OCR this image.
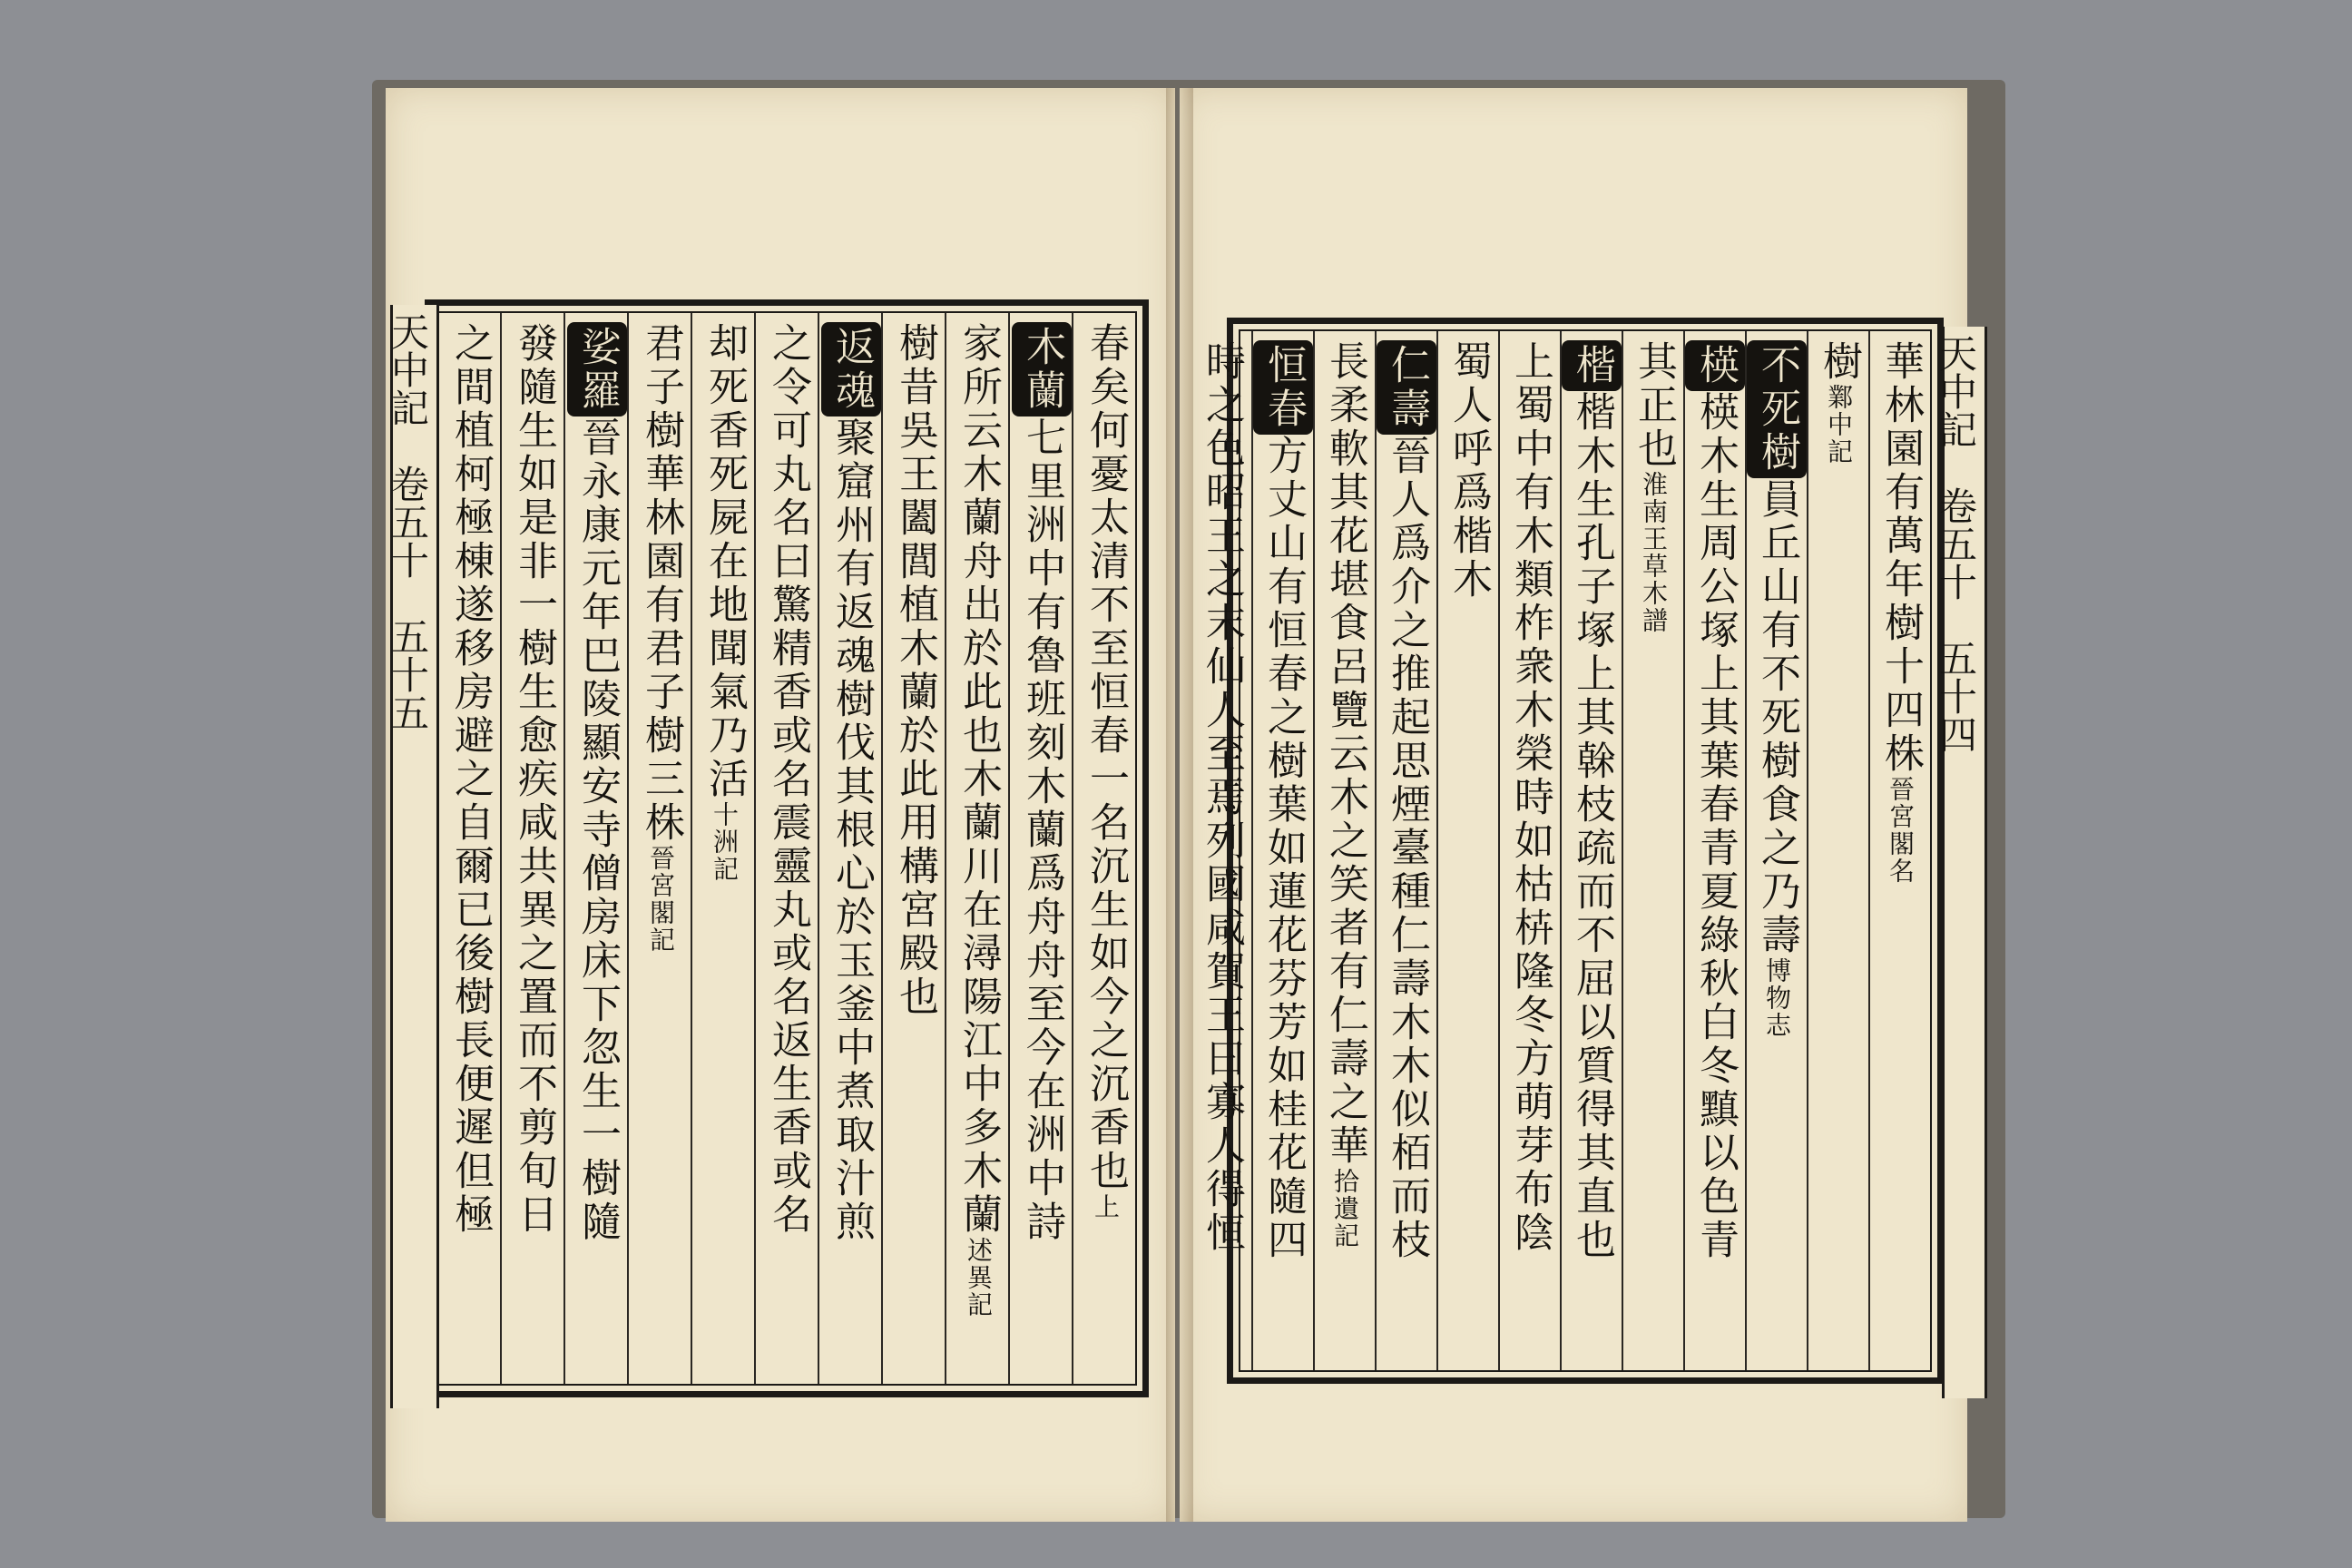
春矣何憂太清不至恒春一名沉生如今之沉香也上
木蘭七里洲中有魯班刻木蘭爲舟舟至今在洲中詩
家所云木蘭舟出於此也木蘭川在潯陽江中多木蘭述異記
樹昔吳王闔閭植木蘭於此用構宮殿也
返魂聚窟州有返魂樹伐其根心於玉釜中煮取汁煎
之令可丸名曰驚精香或名震靈丸或名返生香或名
却死香死屍在地聞氣乃活十洲記
君子樹華林園有君子樹三株晉宮閣記
娑羅晉永康元年巴陵顯安寺僧房床下忽生一樹隨
發隨生如是非一樹生愈疾咸共異之置而不剪旬日
之間植柯極棟遂移房避之自爾已後樹長便遲但極
天中記　卷五十　五十五	華林園有萬年樹十四株晉宮閣名
樹鄴中記
不死樹員丘山有不死樹食之乃壽博物志
楧楧木生周公塚上其葉春青夏綠秋白冬黰以色青
其正也淮南王草木譜
楷楷木生孔子塚上其榦枝疏而不屈以質得其直也
上蜀中有木類柞衆木榮時如枯枿隆冬方萌芽布陰
蜀人呼爲楷木
仁壽晉人爲介之推起思煙臺種仁壽木木似栢而枝
長柔軟其花堪食呂覽云木之笑者有仁壽之華拾遺記
恒春方丈山有恒春之樹葉如蓮花芬芳如桂花隨四
時之色昭王之末仙人至焉列國咸賀王曰寡人得恒	天中記　卷五十　五十四
